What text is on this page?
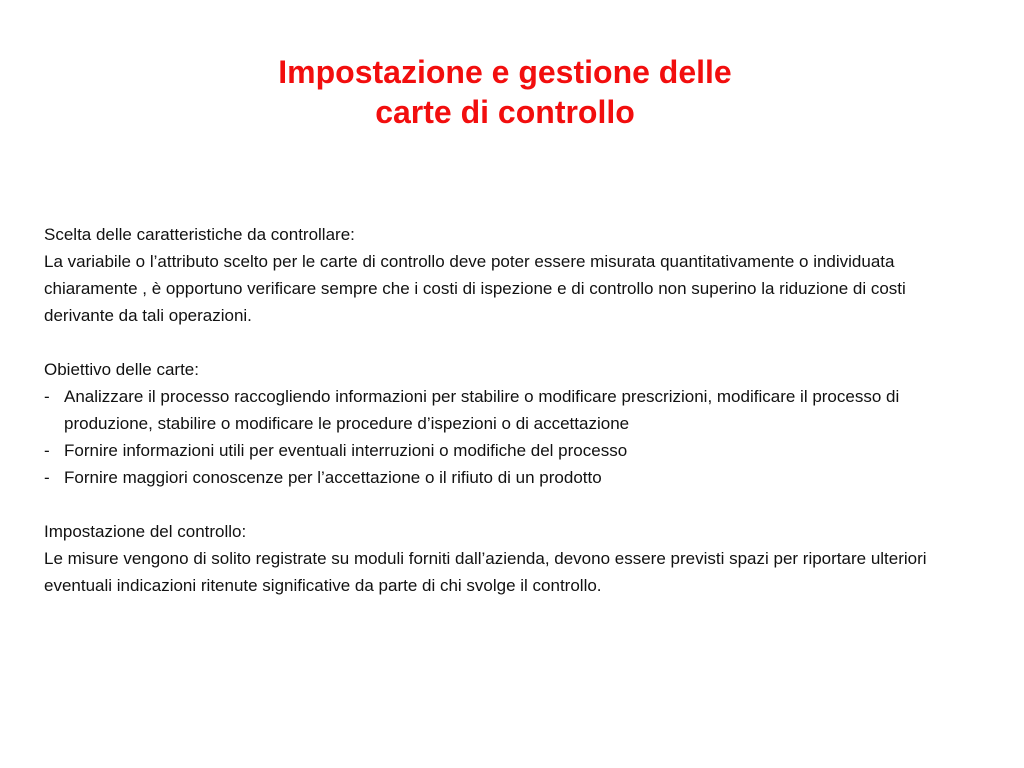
Impostazione e gestione delle
carte di controllo

Scelta delle caratteristiche da controllare:

La variabile o l’attributo scelto per le carte di controllo deve poter essere misurata quantitativamente o individuata chiaramente , è opportuno verificare sempre che i costi di ispezione e di controllo non superino la riduzione di costi derivante da tali operazioni.

Obiettivo delle carte:

- Analizzare il processo raccogliendo informazioni per stabilire o modificare prescrizioni, modificare il processo di produzione, stabilire o modificare le procedure d’ispezioni o di accettazione
- Fornire informazioni utili per eventuali interruzioni o modifiche del processo
- Fornire maggiori conoscenze per l’accettazione o il rifiuto di un prodotto

Impostazione del controllo:

Le misure vengono di solito registrate su moduli forniti dall’azienda, devono essere previsti spazi per riportare ulteriori eventuali indicazioni ritenute significative da parte di chi svolge il controllo.
